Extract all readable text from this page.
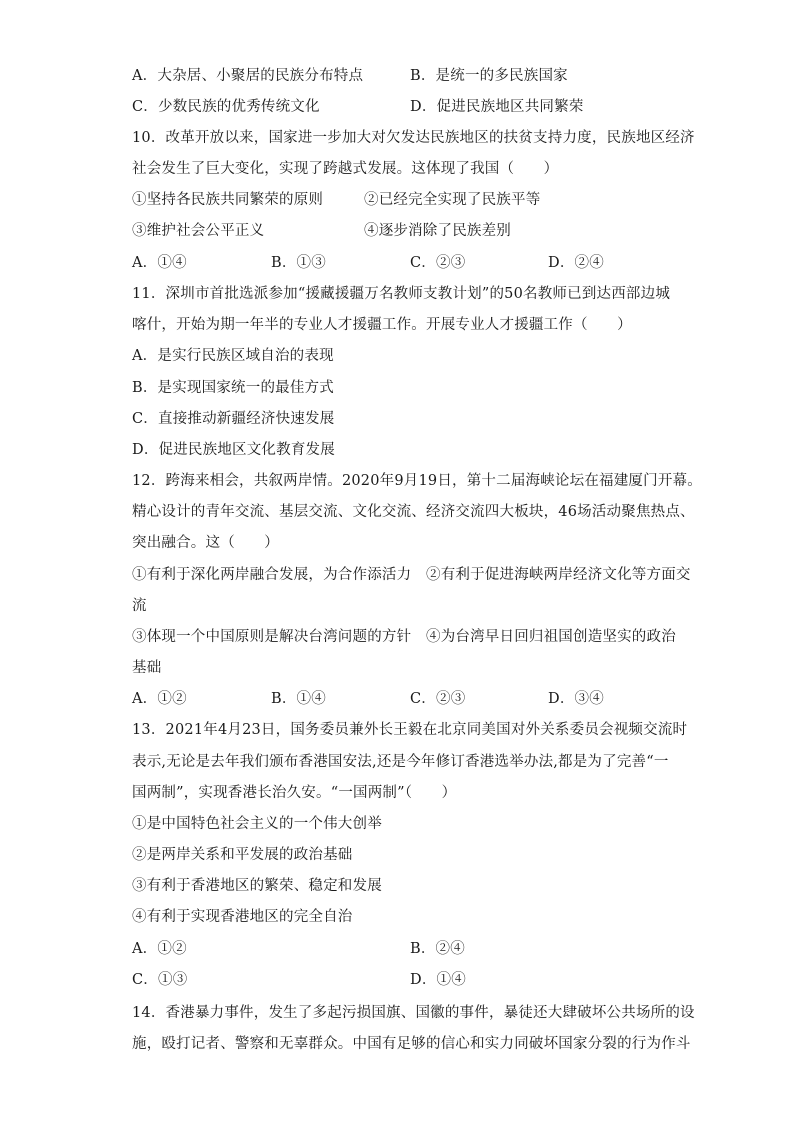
A．大杂居、小聚居的民族分布特点	B．是统一的多民族国家
C．少数民族的优秀传统文化	D．促进民族地区共同繁荣
10．改革开放以来，国家进一步加大对欠发达民族地区的扶贫支持力度，民族地区经济
社会发生了巨大变化，实现了跨越式发展。这体现了我国（　　）
①坚持各民族共同繁荣的原则	②已经完全实现了民族平等
③维护社会公平正义	④逐步消除了民族差别
A．①④	B．①③	C．②③	D．②④
11．深圳市首批选派参加“援藏援疆万名教师支教计划”的50名教师已到达西部边城
喀什，开始为期一年半的专业人才援疆工作。开展专业人才援疆工作（　　）
A．是实行民族区域自治的表现
B．是实现国家统一的最佳方式
C．直接推动新疆经济快速发展
D．促进民族地区文化教育发展
12．跨海来相会，共叙两岸情。2020年9月19日，第十二届海峡论坛在福建厦门开幕。
精心设计的青年交流、基层交流、文化交流、经济交流四大板块，46场活动聚焦热点、
突出融合。这（　　）
①有利于深化两岸融合发展，为合作添活力　②有利于促进海峡两岸经济文化等方面交
流
③体现一个中国原则是解决台湾问题的方针　④为台湾早日回归祖国创造坚实的政治
基础
A．①②	B．①④	C．②③	D．③④
13．2021年4月23日，国务委员兼外长王毅在北京同美国对外关系委员会视频交流时
表示,无论是去年我们颁布香港国安法,还是今年修订香港选举办法,都是为了完善“一
国两制”，实现香港长治久安。“一国两制”（　　）
①是中国特色社会主义的一个伟大创举
②是两岸关系和平发展的政治基础
③有利于香港地区的繁荣、稳定和发展
④有利于实现香港地区的完全自治
A．①②	B．②④
C．①③	D．①④
14．香港暴力事件，发生了多起污损国旗、国徽的事件，暴徒还大肆破坏公共场所的设
施，殴打记者、警察和无辜群众。中国有足够的信心和实力同破坏国家分裂的行为作斗
